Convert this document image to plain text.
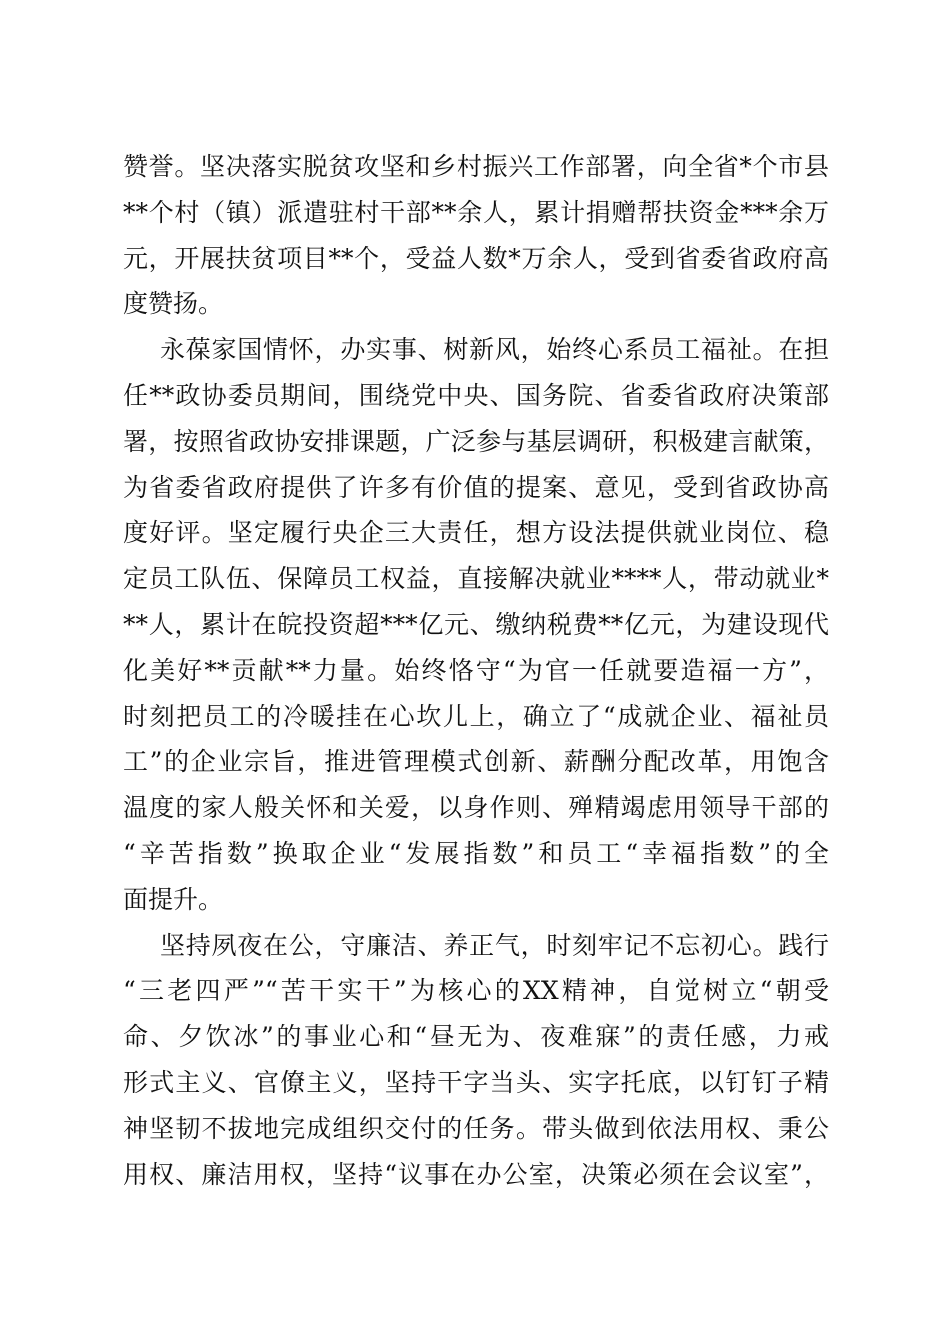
赞誉。坚决落实脱贫攻坚和乡村振兴工作部署，向全省*个市县
**个村（镇）派遣驻村干部**余人，累计捐赠帮扶资金***余万
元，开展扶贫项目**个，受益人数*万余人，受到省委省政府高
度赞扬。
永葆家国情怀，办实事、树新风，始终心系员工福祉。在担
任**政协委员期间，围绕党中央、国务院、省委省政府决策部
署，按照省政协安排课题，广泛参与基层调研，积极建言献策，
为省委省政府提供了许多有价值的提案、意见，受到省政协高
度好评。坚定履行央企三大责任，想方设法提供就业岗位、稳
定员工队伍、保障员工权益，直接解决就业****人，带动就业*
**人，累计在皖投资超***亿元、缴纳税费**亿元，为建设现代
化美好**贡献**力量。始终恪守“为官一任就要造福一方”，
时刻把员工的冷暖挂在心坎儿上，确立了“成就企业、福祉员
工”的企业宗旨，推进管理模式创新、薪酬分配改革，用饱含
温度的家人般关怀和关爱，以身作则、殚精竭虑用领导干部的
“辛苦指数”换取企业“发展指数”和员工“幸福指数”的全
面提升。
坚持夙夜在公，守廉洁、养正气，时刻牢记不忘初心。践行
“三老四严”“苦干实干”为核心的XX精神，自觉树立“朝受
命、夕饮冰”的事业心和“昼无为、夜难寐”的责任感，力戒
形式主义、官僚主义，坚持干字当头、实字托底，以钉钉子精
神坚韧不拔地完成组织交付的任务。带头做到依法用权、秉公
用权、廉洁用权，坚持“议事在办公室，决策必须在会议室”，
